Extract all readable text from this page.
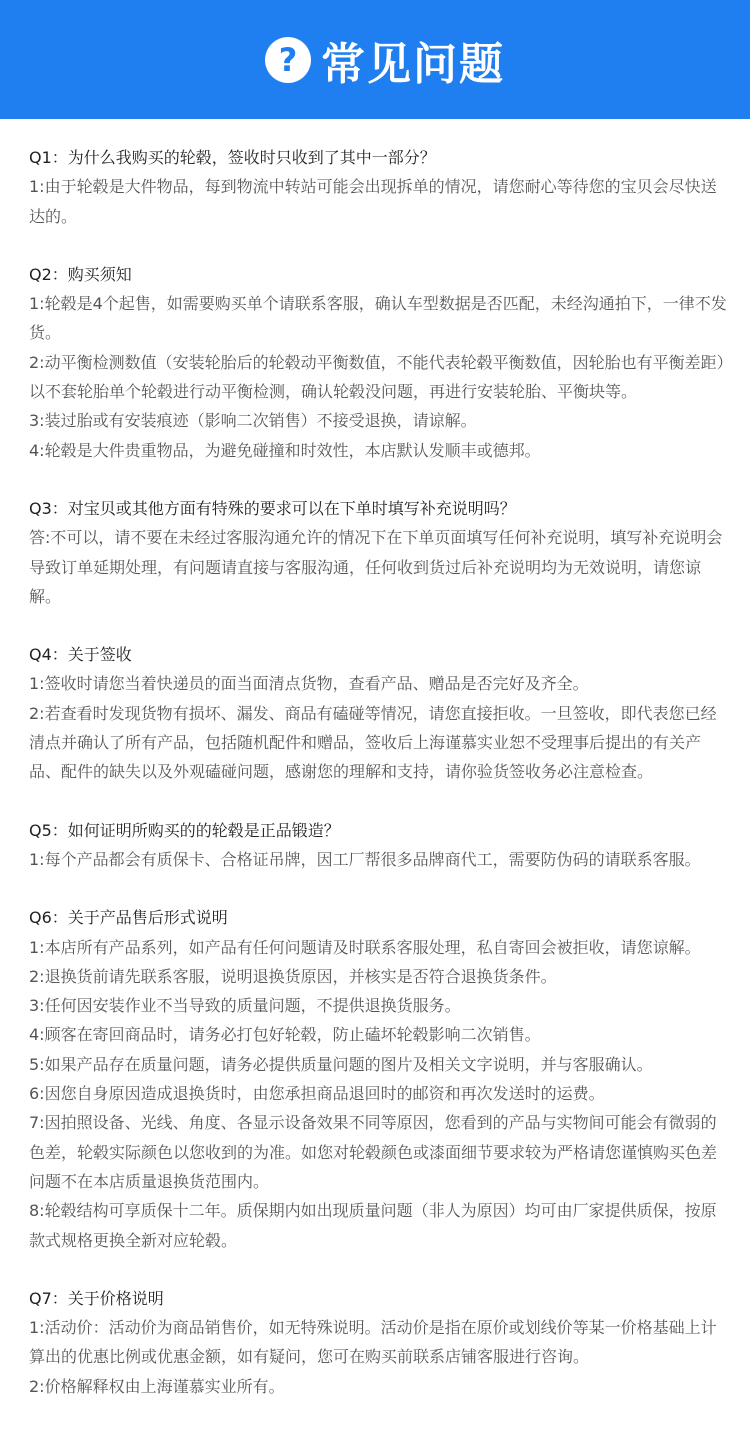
? 常见问题

Q1：为什么我购买的轮毂，签收时只收到了其中一部分？

1:由于轮毂是大件物品，每到物流中转站可能会出现拆单的情况，请您耐心等待您的宝贝会尽快送达的。

Q2：购买须知

1:轮毂是4个起售，如需要购买单个请联系客服，确认车型数据是否匹配，未经沟通拍下，一律不发货。

2:动平衡检测数值（安装轮胎后的轮毂动平衡数值，不能代表轮毂平衡数值，因轮胎也有平衡差距）以不套轮胎单个轮毂进行动平衡检测，确认轮毂没问题，再进行安装轮胎、平衡块等。

3:装过胎或有安装痕迹（影响二次销售）不接受退换，请谅解。

4:轮毂是大件贵重物品，为避免碰撞和时效性，本店默认发顺丰或德邦。

Q3：对宝贝或其他方面有特殊的要求可以在下单时填写补充说明吗？

答:不可以，请不要在未经过客服沟通允许的情况下在下单页面填写任何补充说明，填写补充说明会导致订单延期处理，有问题请直接与客服沟通，任何收到货过后补充说明均为无效说明，请您谅解。

Q4：关于签收

1:签收时请您当着快递员的面当面清点货物，查看产品、赠品是否完好及齐全。

2:若查看时发现货物有损坏、漏发、商品有磕碰等情况，请您直接拒收。一旦签收，即代表您已经清点并确认了所有产品，包括随机配件和赠品，签收后上海谨慕实业恕不受理事后提出的有关产品、配件的缺失以及外观磕碰问题，感谢您的理解和支持，请你验货签收务必注意检查。

Q5：如何证明所购买的的轮毂是正品锻造？

1:每个产品都会有质保卡、合格证吊牌，因工厂帮很多品牌商代工，需要防伪码的请联系客服。

Q6：关于产品售后形式说明

1:本店所有产品系列，如产品有任何问题请及时联系客服处理，私自寄回会被拒收，请您谅解。

2:退换货前请先联系客服，说明退换货原因，并核实是否符合退换货条件。

3:任何因安装作业不当导致的质量问题，不提供退换货服务。

4:顾客在寄回商品时，请务必打包好轮毂，防止磕坏轮毂影响二次销售。

5:如果产品存在质量问题，请务必提供质量问题的图片及相关文字说明，并与客服确认。

6:因您自身原因造成退换货时，由您承担商品退回时的邮资和再次发送时的运费。

7:因拍照设备、光线、角度、各显示设备效果不同等原因，您看到的产品与实物间可能会有微弱的色差，轮毂实际颜色以您收到的为准。如您对轮毂颜色或漆面细节要求较为严格请您谨慎购买色差问题不在本店质量退换货范围内。

8:轮毂结构可享质保十二年。质保期内如出现质量问题（非人为原因）均可由厂家提供质保，按原款式规格更换全新对应轮毂。

Q7：关于价格说明

1:活动价：活动价为商品销售价，如无特殊说明。活动价是指在原价或划线价等某一价格基础上计算出的优惠比例或优惠金额，如有疑问，您可在购买前联系店铺客服进行咨询。

2:价格解释权由上海谨慕实业所有。
